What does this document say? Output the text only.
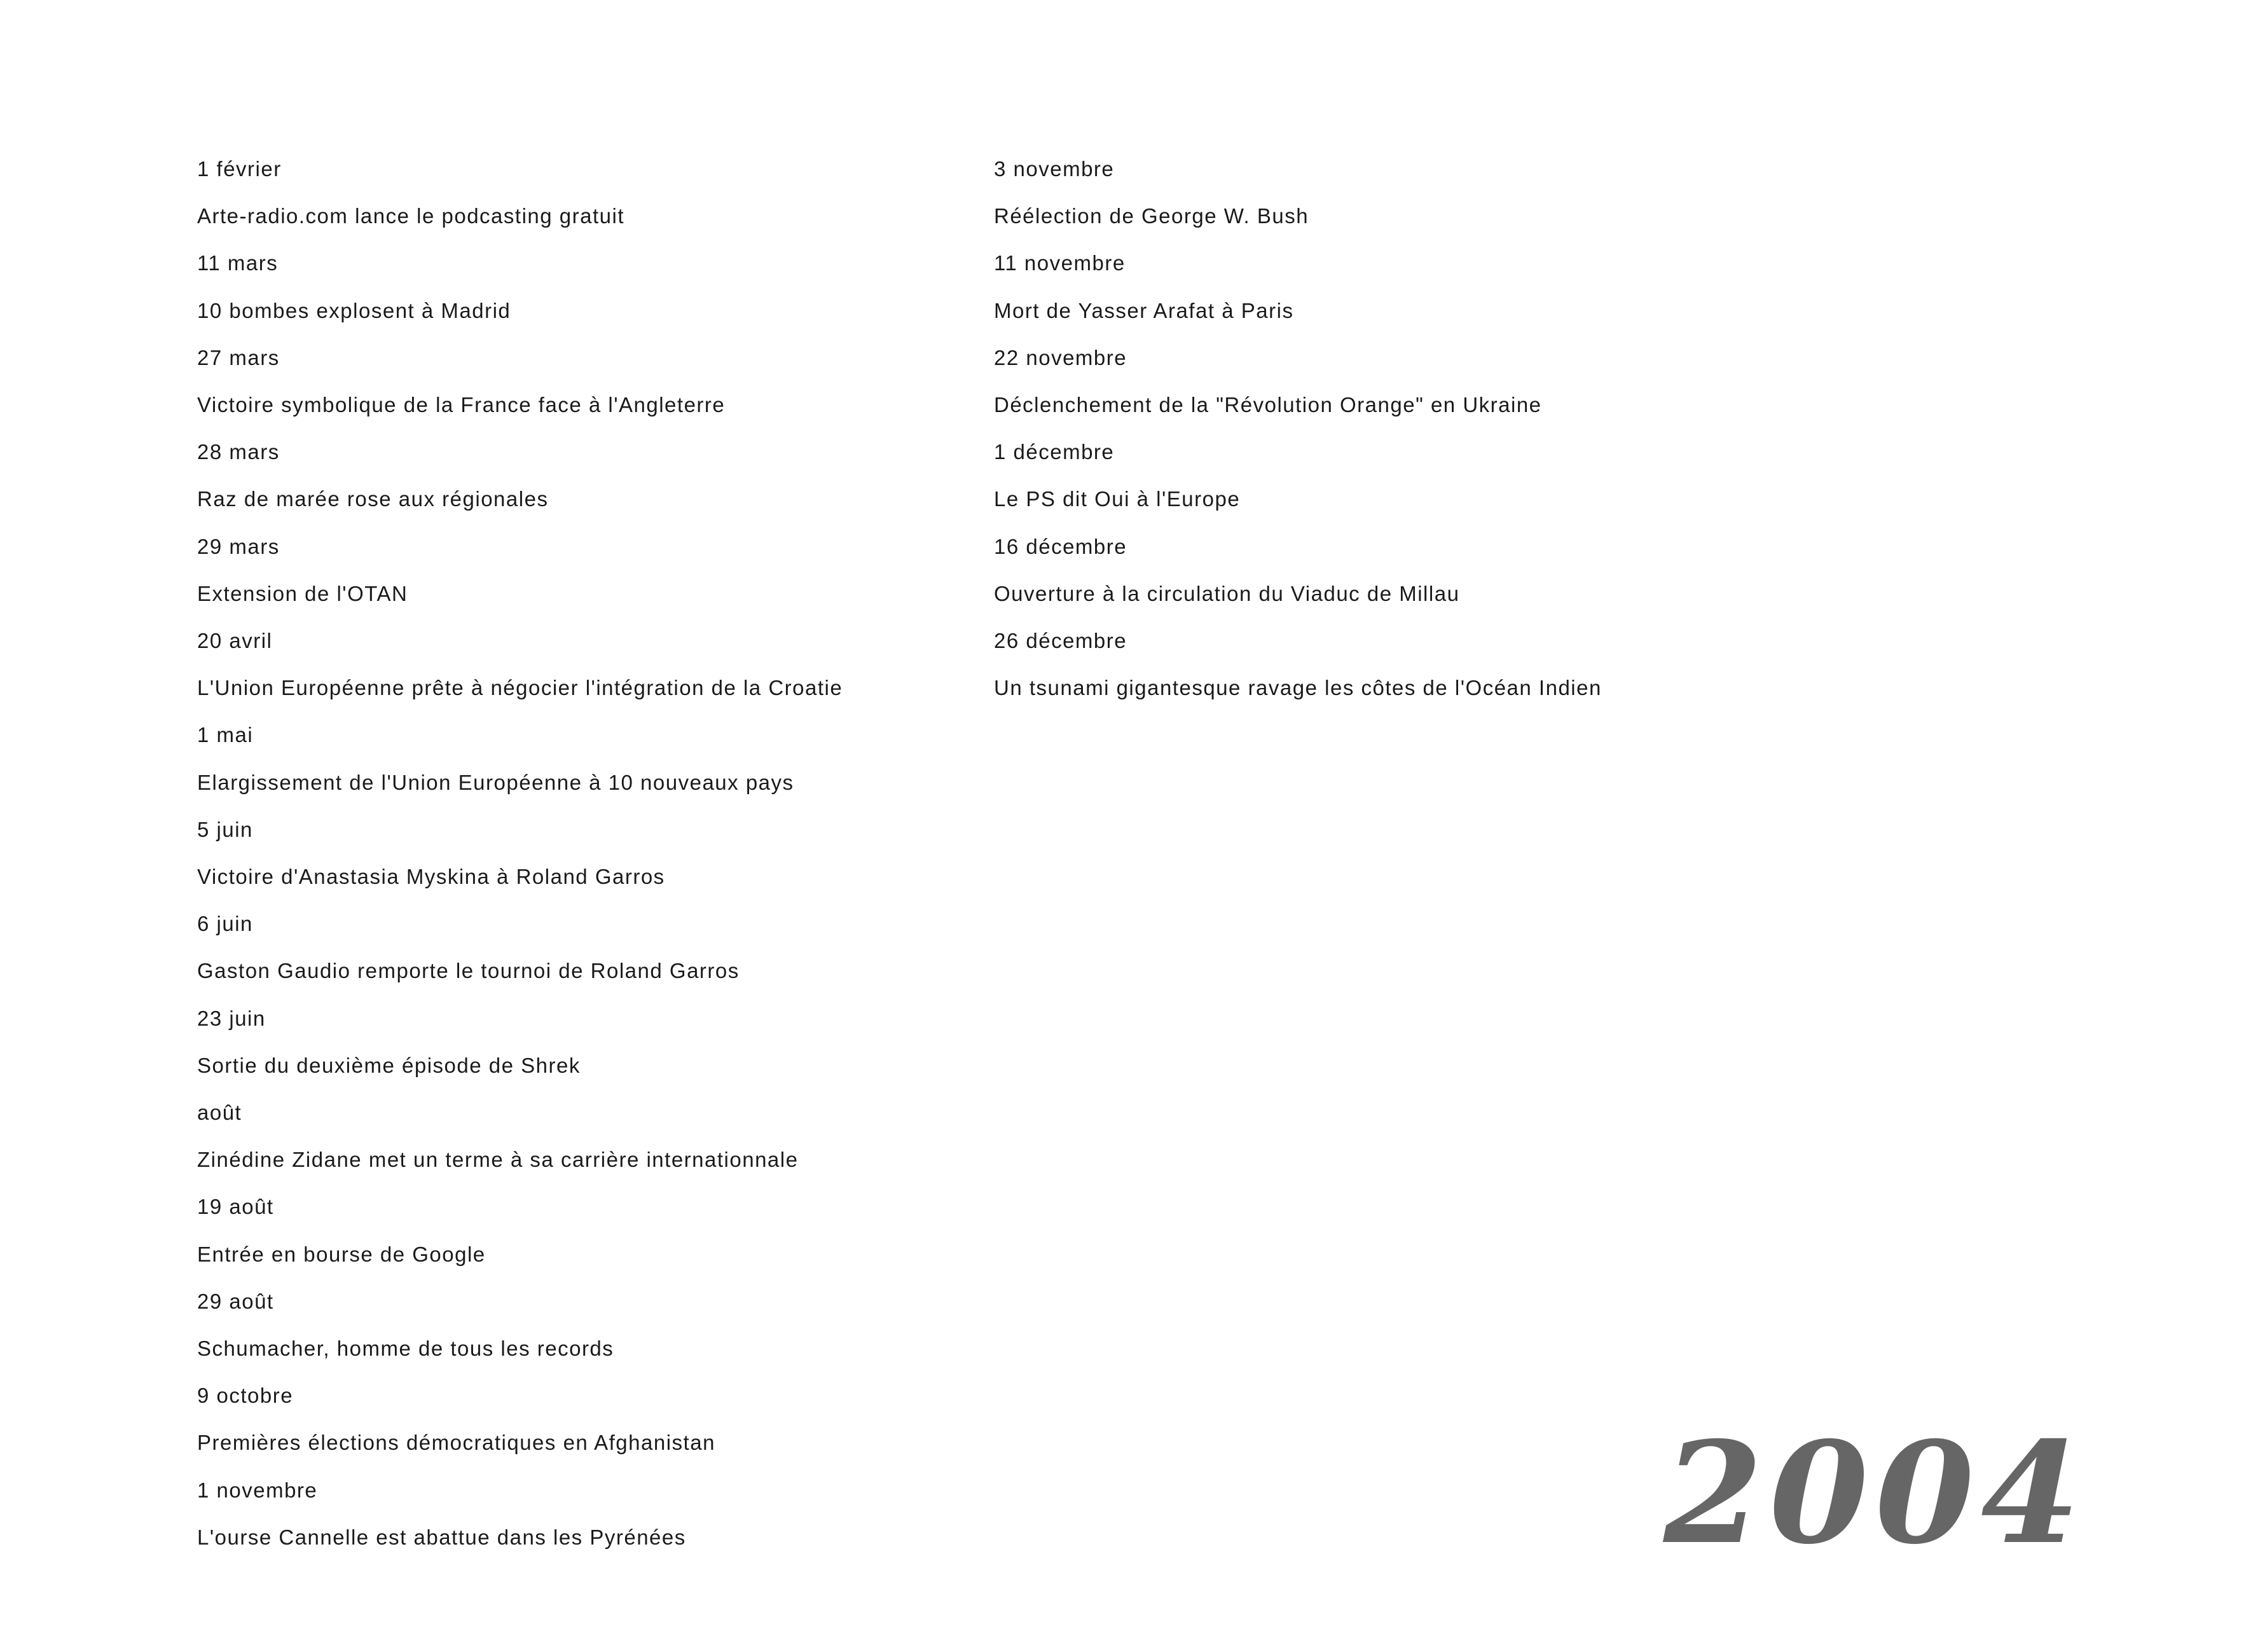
1 février
Arte-radio.com lance le podcasting gratuit
11 mars
10 bombes explosent à Madrid
27 mars
Victoire symbolique de la France face à l'Angleterre
28 mars
Raz de marée rose aux régionales
29 mars
Extension de l'OTAN
20 avril
L'Union Européenne prête à négocier l'intégration de la Croatie
1 mai
Elargissement de l'Union Européenne à 10 nouveaux pays
5 juin
Victoire d'Anastasia Myskina à Roland Garros
6 juin
Gaston Gaudio remporte le tournoi de Roland Garros
23 juin
Sortie du deuxième épisode de Shrek
août
Zinédine Zidane met un terme à sa carrière internationnale
19 août
Entrée en bourse de Google
29 août
Schumacher, homme de tous les records
9 octobre
Premières élections démocratiques en Afghanistan
1 novembre
L'ourse Cannelle est abattue dans les Pyrénées
3 novembre
Réélection de George W. Bush
11 novembre
Mort de Yasser Arafat à Paris
22 novembre
Déclenchement de la "Révolution Orange" en Ukraine
1 décembre
Le PS dit Oui à l'Europe
16 décembre
Ouverture à la circulation du Viaduc de Millau
26 décembre
Un tsunami gigantesque ravage les côtes de l'Océan Indien
2004
